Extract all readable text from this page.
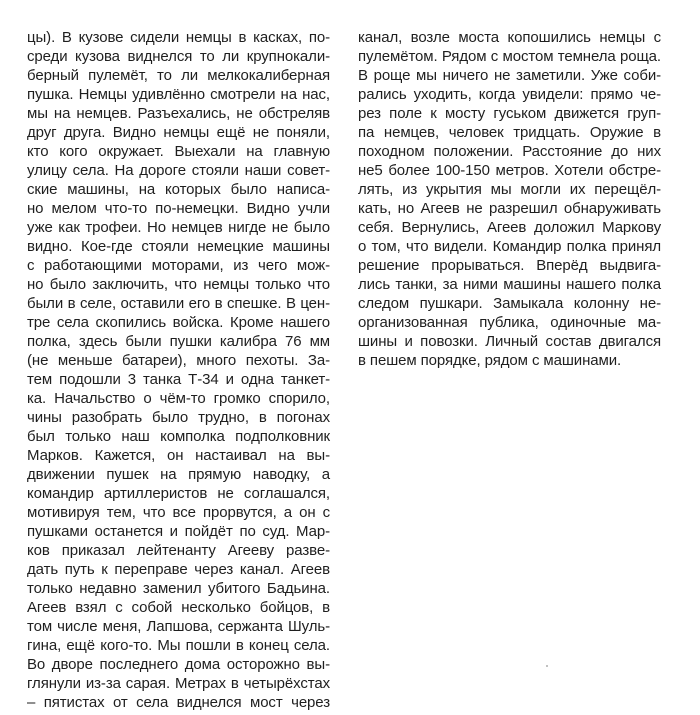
цы). В кузове сидели немцы в касках, по-
среди кузова виднелся то ли крупнокали-
берный пулемёт, то ли мелкокалиберная
пушка. Немцы удивлённо смотрели на нас,
мы на немцев. Разъехались, не обстреляв
друг друга. Видно немцы ещё не поняли,
кто кого окружает. Выехали на главную
улицу села. На дороге стояли наши совет-
ские машины, на которых было написа-
но мелом что-то по-немецки. Видно учли
уже как трофеи. Но немцев нигде не было
видно. Кое-где стояли немецкие машины
с работающими моторами, из чего мож-
но было заключить, что немцы только что
были в селе, оставили его в спешке. В цен-
тре села скопились войска. Кроме нашего
полка, здесь были пушки калибра 76 мм
(не меньше батареи), много пехоты. За-
тем подошли 3 танка Т-34 и одна танкет-
ка. Начальство о чём-то громко спорило,
чины разобрать было трудно, в погонах
был только наш комполка подполковник
Марков. Кажется, он настаивал на вы-
движении пушек на прямую наводку, а
командир артиллеристов не соглашался,
мотивируя тем, что все прорвутся, а он с
пушками останется и пойдёт по суд. Мар-
ков приказал лейтенанту Агееву разве-
дать путь к переправе через канал. Агеев
только недавно заменил убитого Бадьина.
Агеев взял с собой несколько бойцов, в
том числе меня, Лапшова, сержанта Шуль-
гина, ещё кого-то. Мы пошли в конец села.
Во дворе последнего дома осторожно вы-
глянули из-за сарая. Метрах в четырёхстах
– пятистах от села виднелся мост через
канал, возле моста копошились немцы с
пулемётом. Рядом с мостом темнела роща.
В роще мы ничего не заметили. Уже соби-
рались уходить, когда увидели: прямо че-
рез поле к мосту гуськом движется груп-
па немцев, человек тридцать. Оружие в
походном положении. Расстояние до них
не5 более 100-150 метров. Хотели обстре-
лять, из укрытия мы могли их перещёл-
кать, но Агеев не разрешил обнаруживать
себя. Вернулись, Агеев доложил Маркову
о том, что видели. Командир полка принял
решение прорываться. Вперёд выдвига-
лись танки, за ними машины нашего полка
следом пушкари. Замыкала колонну не-
организованная публика, одиночные ма-
шины и повозки. Личный состав двигался
в пешем порядке, рядом с машинами.
